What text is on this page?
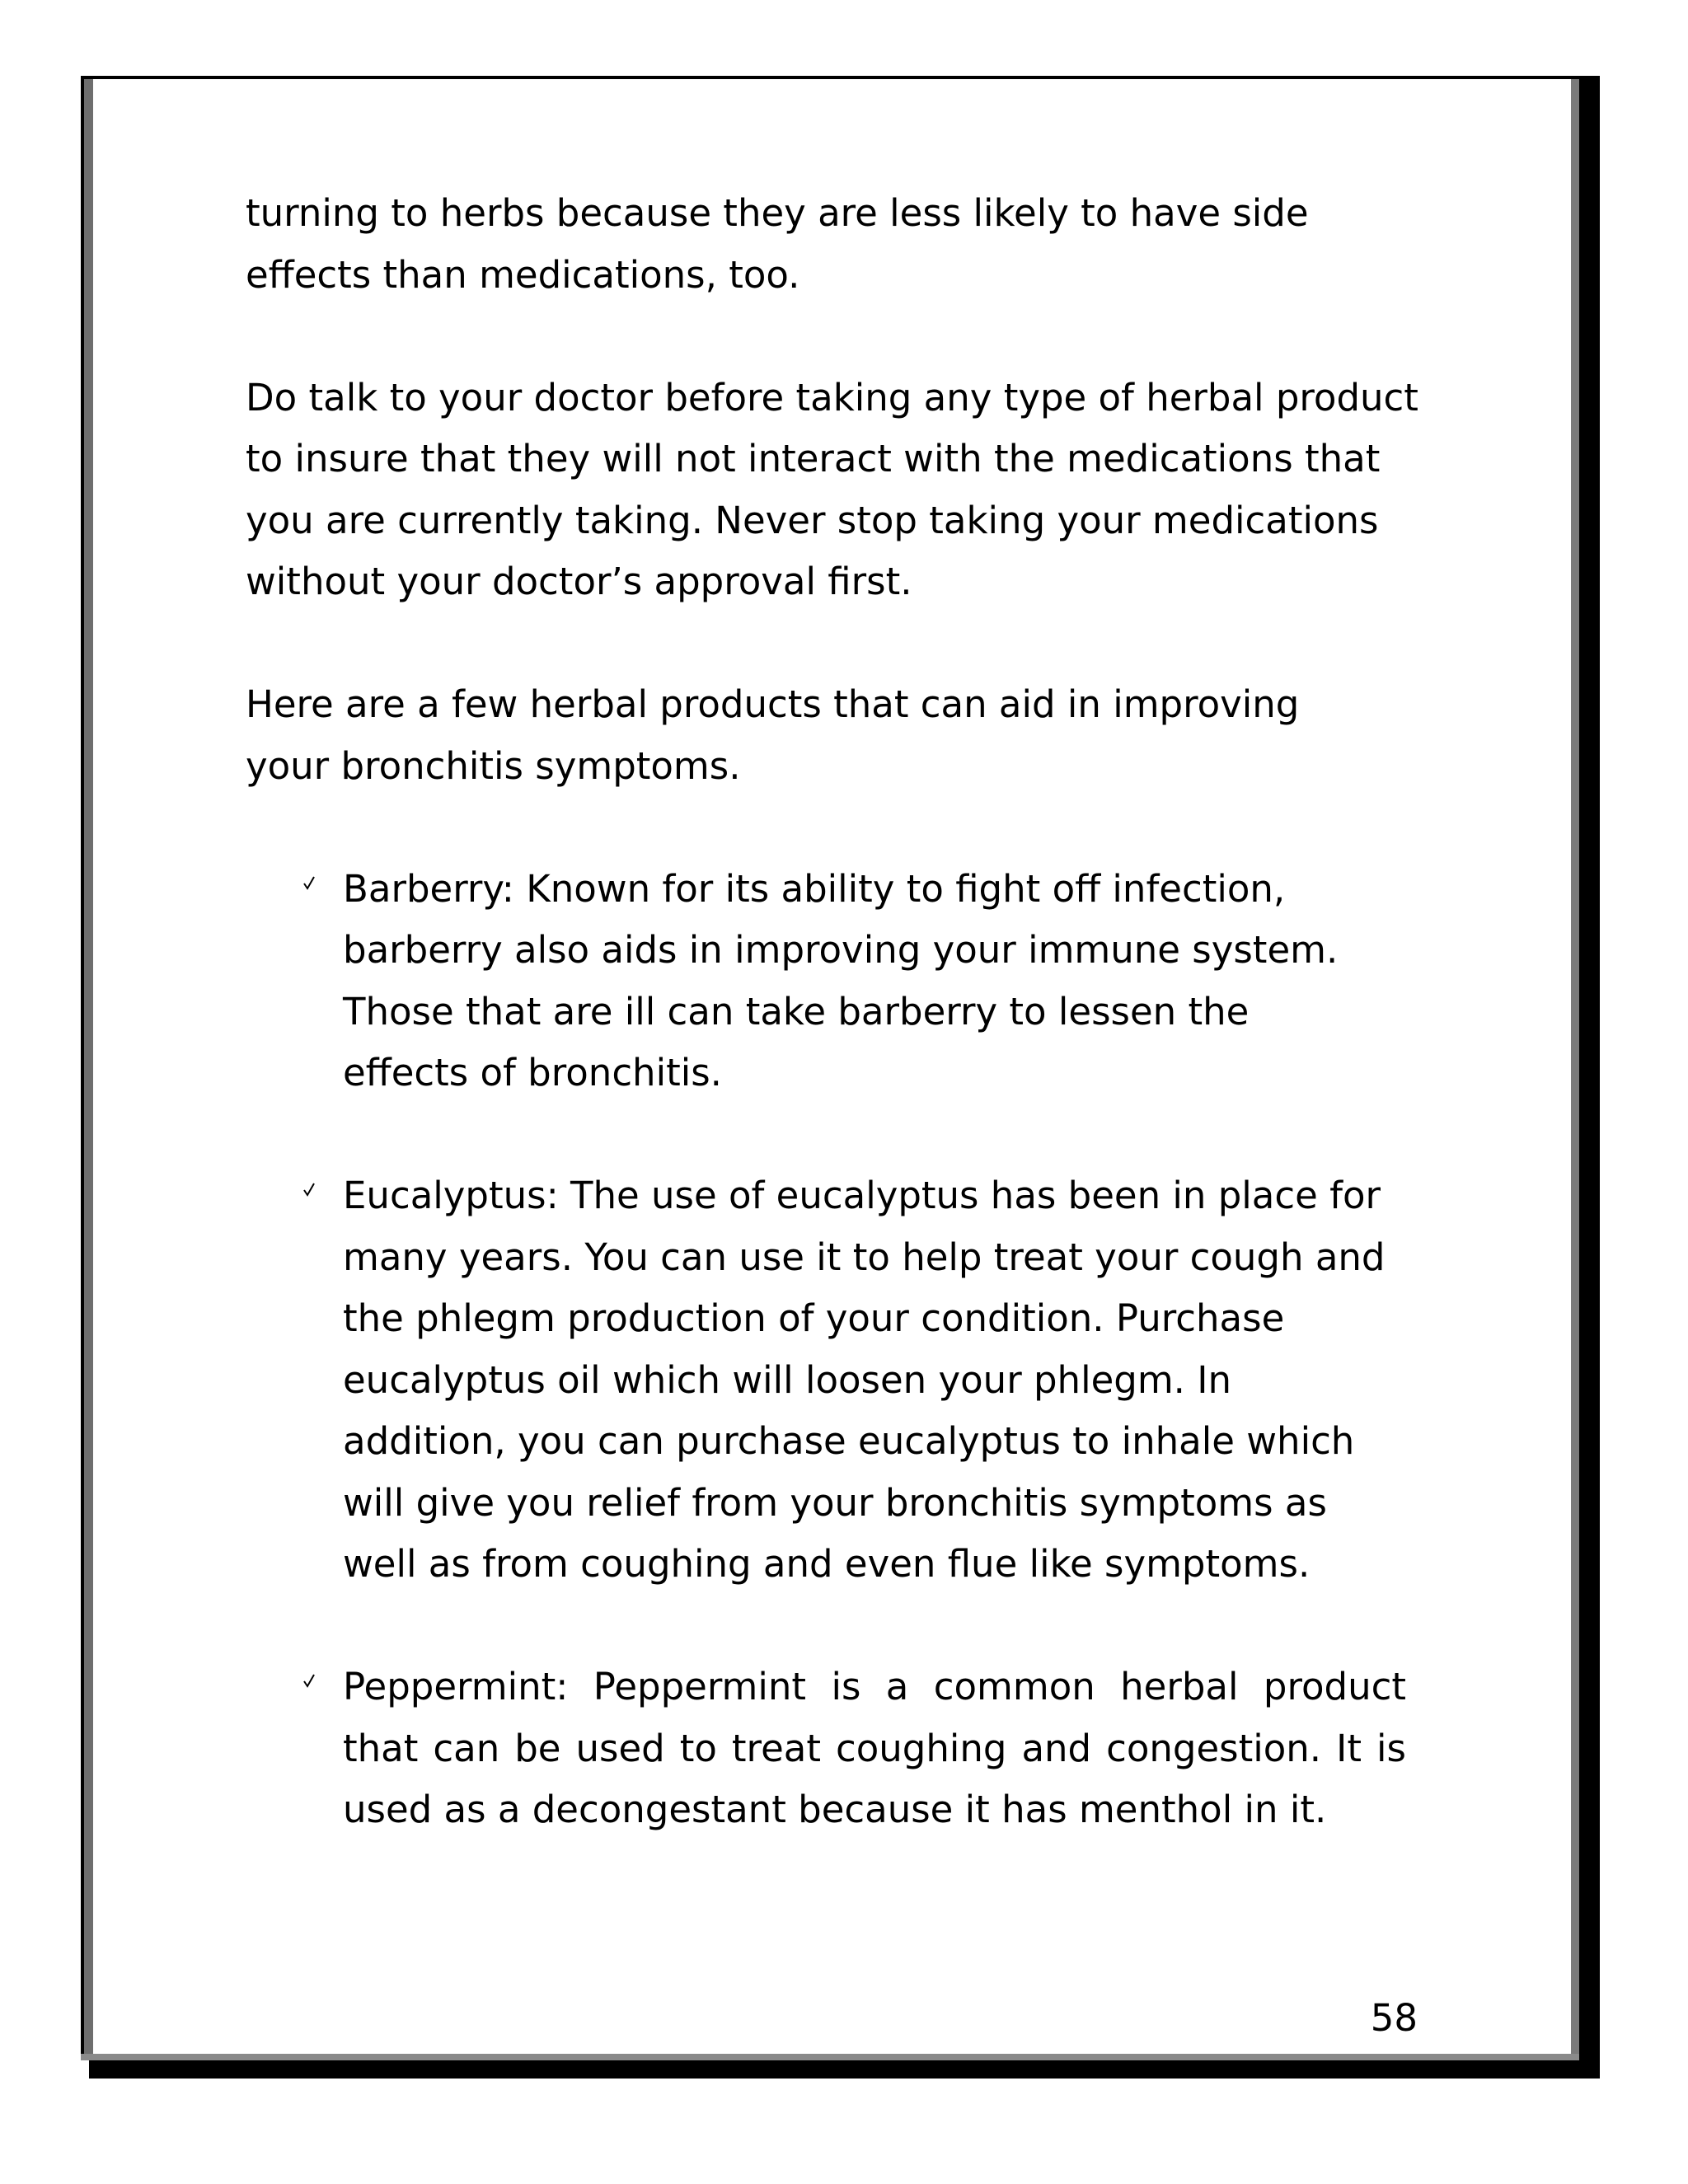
turning to herbs because they are less likely to have side effects than medications, too.

Do talk to your doctor before taking any type of herbal product to insure that they will not interact with the medications that you are currently taking. Never stop taking your medications without your doctor’s approval first.

Here are a few herbal products that can aid in improving your bronchitis symptoms.

Barberry: Known for its ability to fight off infection, barberry also aids in improving your immune system. Those that are ill can take barberry to lessen the effects of bronchitis.

Eucalyptus: The use of eucalyptus has been in place for many years. You can use it to help treat your cough and the phlegm production of your condition. Purchase eucalyptus oil which will loosen your phlegm. In addition, you can purchase eucalyptus to inhale which will give you relief from your bronchitis symptoms as well as from coughing and even flue like symptoms.

Peppermint: Peppermint is a common herbal product that can be used to treat coughing and congestion. It is used as a decongestant because it has menthol in it.

58
